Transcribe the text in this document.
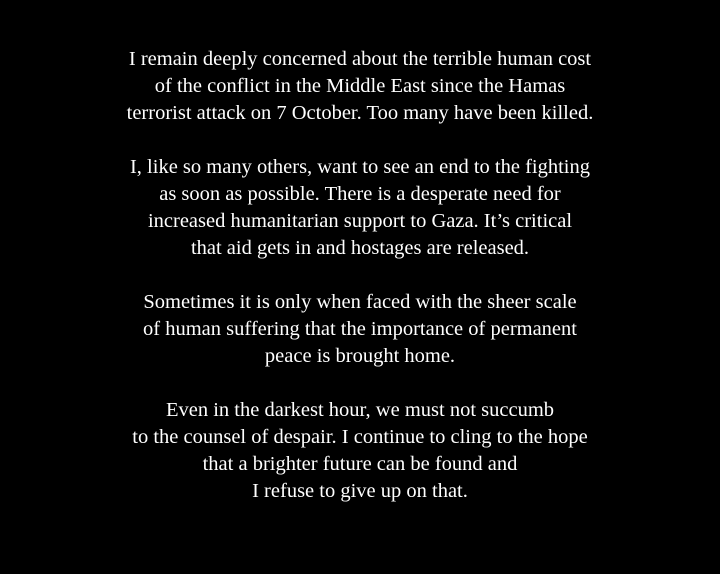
I remain deeply concerned about the terrible human cost
of the conflict in the Middle East since the Hamas
terrorist attack on 7 October. Too many have been killed.

I, like so many others, want to see an end to the fighting
as soon as possible. There is a desperate need for
increased humanitarian support to Gaza. It’s critical
that aid gets in and hostages are released.

Sometimes it is only when faced with the sheer scale
of human suffering that the importance of permanent
peace is brought home.

Even in the darkest hour, we must not succumb
to the counsel of despair. I continue to cling to the hope
that a brighter future can be found and
I refuse to give up on that.
